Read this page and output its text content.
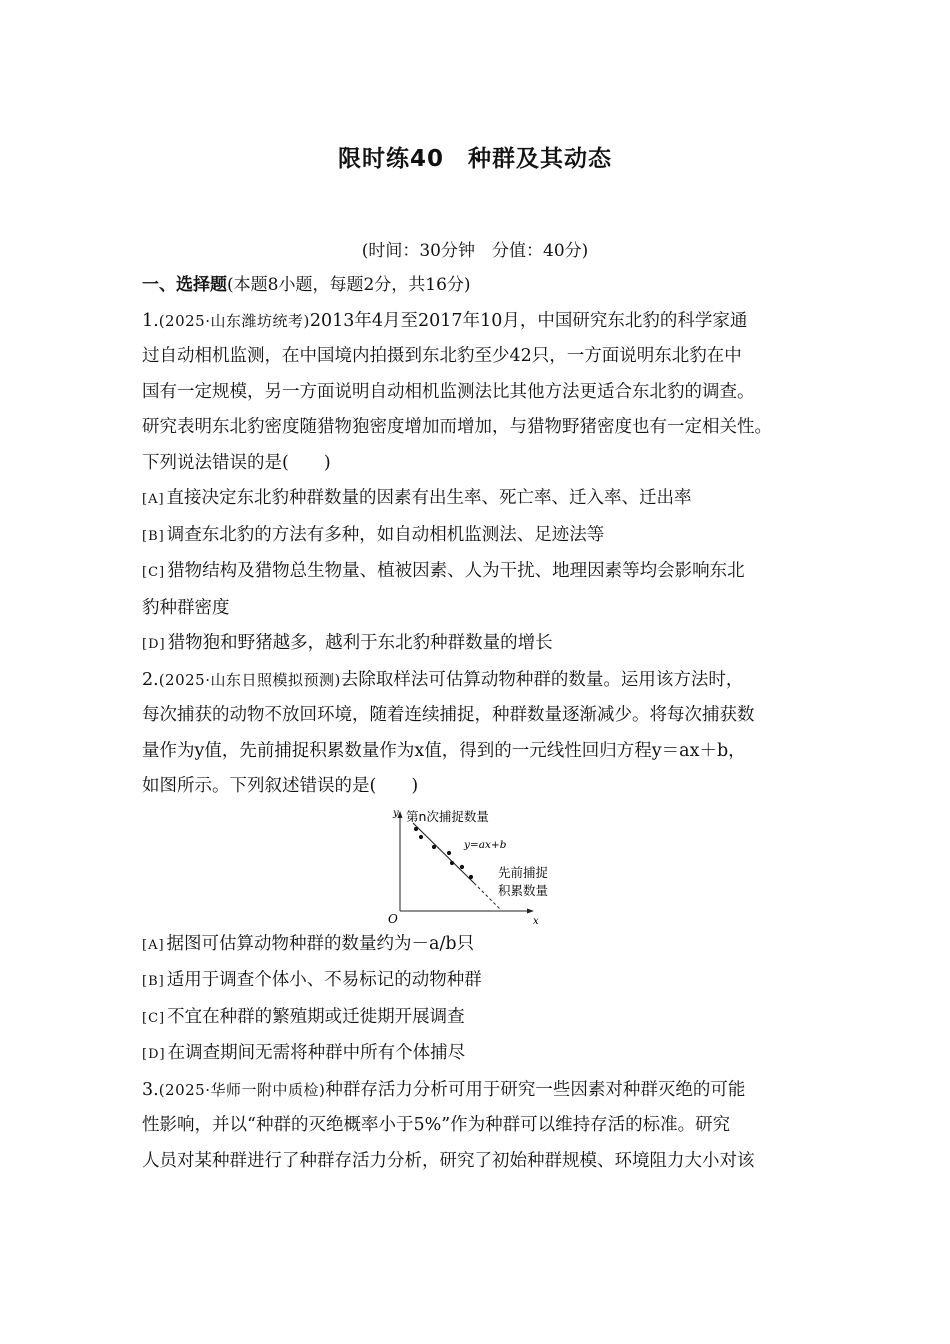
限时练40　种群及其动态
(时间：30分钟　分值：40分)
一、选择题(本题8小题，每题2分，共16分)
1.(2025·山东潍坊统考)2013年4月至2017年10月，中国研究东北豹的科学家通
过自动相机监测，在中国境内拍摄到东北豹至少42只，一方面说明东北豹在中
国有一定规模，另一方面说明自动相机监测法比其他方法更适合东北豹的调查。
研究表明东北豹密度随猎物狍密度增加而增加，与猎物野猪密度也有一定相关性。
下列说法错误的是(　　)
[A] 直接决定东北豹种群数量的因素有出生率、死亡率、迁入率、迁出率
[B] 调查东北豹的方法有多种，如自动相机监测法、足迹法等
[C] 猎物结构及猎物总生物量、植被因素、人为干扰、地理因素等均会影响东北
豹种群密度
[D] 猎物狍和野猪越多，越利于东北豹种群数量的增长
2.(2025·山东日照模拟预测)去除取样法可估算动物种群的数量。运用该方法时，
每次捕获的动物不放回环境，随着连续捕捉，种群数量逐渐减少。将每次捕获数
量作为y值，先前捕捉积累数量作为x值，得到的一元线性回归方程y＝ax＋b，
如图所示。下列叙述错误的是(　　)
y 第n次捕捉数量
y=ax+b
先前捕捉
积累数量
O	x
[A] 据图可估算动物种群的数量约为－a/b只
[B] 适用于调查个体小、不易标记的动物种群
[C] 不宜在种群的繁殖期或迁徙期开展调查
[D] 在调查期间无需将种群中所有个体捕尽
3.(2025·华师一附中质检)种群存活力分析可用于研究一些因素对种群灭绝的可能
性影响，并以“种群的灭绝概率小于5%”作为种群可以维持存活的标准。研究
人员对某种群进行了种群存活力分析，研究了初始种群规模、环境阻力大小对该
